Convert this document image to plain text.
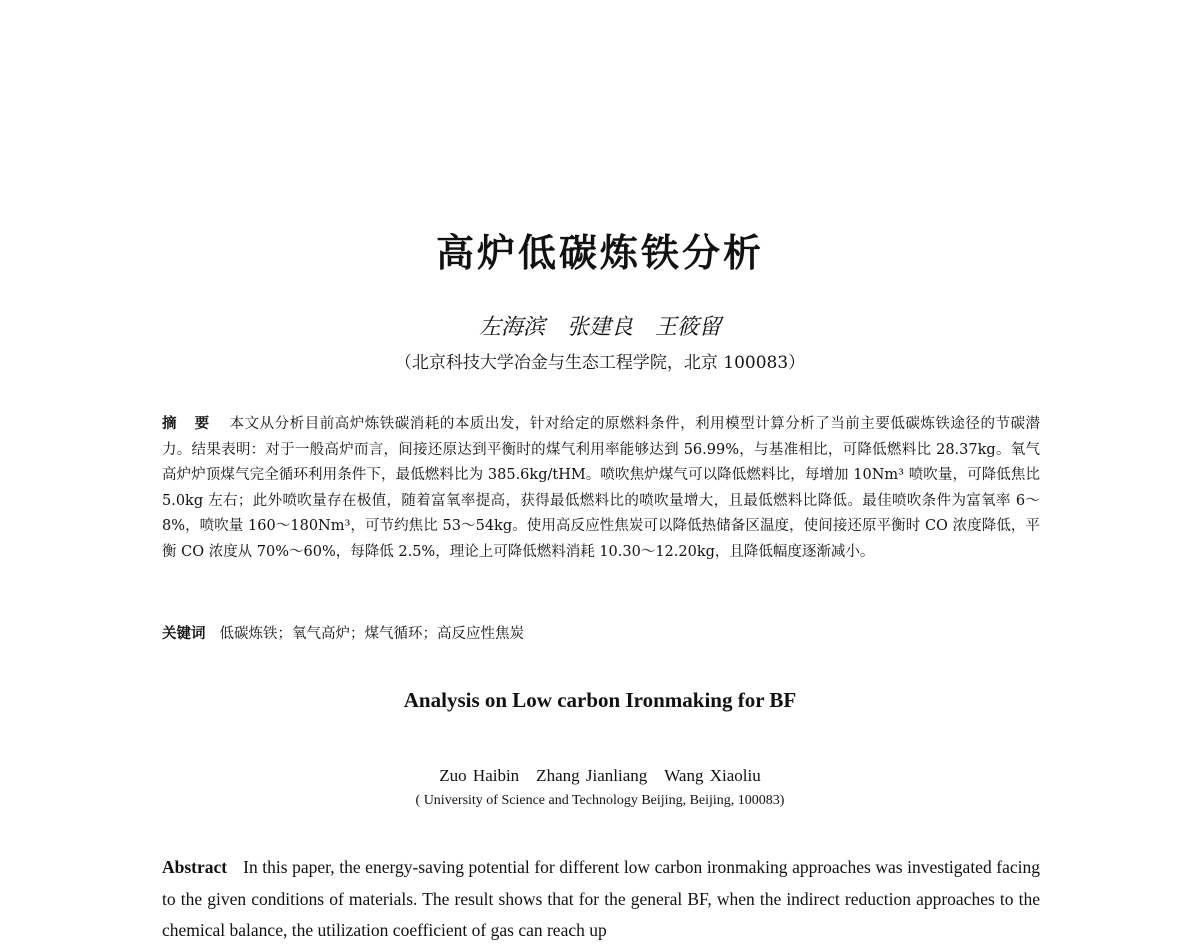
高炉低碳炼铁分析
左海滨　张建良　王筱留
（北京科技大学冶金与生态工程学院，北京 100083）
摘 要 本文从分析目前高炉炼铁碳消耗的本质出发，针对给定的原燃料条件，利用模型计算分析了当前主要低碳炼铁途径的节碳潜力。结果表明：对于一般高炉而言，间接还原达到平衡时的煤气利用率能够达到 56.99%，与基准相比，可降低燃料比 28.37kg。氧气高炉炉顶煤气完全循环利用条件下，最低燃料比为 385.6kg/tHM。喷吹焦炉煤气可以降低燃料比，每增加 10Nm³ 喷吹量，可降低焦比 5.0kg 左右；此外喷吹量存在极值，随着富氧率提高，获得最低燃料比的喷吹量增大，且最低燃料比降低。最佳喷吹条件为富氧率 6～8%，喷吹量 160～180Nm³，可节约焦比 53～54kg。使用高反应性焦炭可以降低热储备区温度，使间接还原平衡时 CO 浓度降低，平衡 CO 浓度从 70%～60%，每降低 2.5%，理论上可降低燃料消耗 10.30～12.20kg，且降低幅度逐渐减小。
关键词 低碳炼铁；氧气高炉；煤气循环；高反应性焦炭
Analysis on Low carbon Ironmaking for BF
Zuo Haibin　Zhang Jianliang　Wang Xiaoliu
( University of Science and Technology Beijing, Beijing, 100083)
Abstract In this paper, the energy-saving potential for different low carbon ironmaking approaches was investigated facing to the given conditions of materials. The result shows that for the general BF, when the indirect reduction approaches to the chemical balance, the utilization coefficient of gas can reach up
